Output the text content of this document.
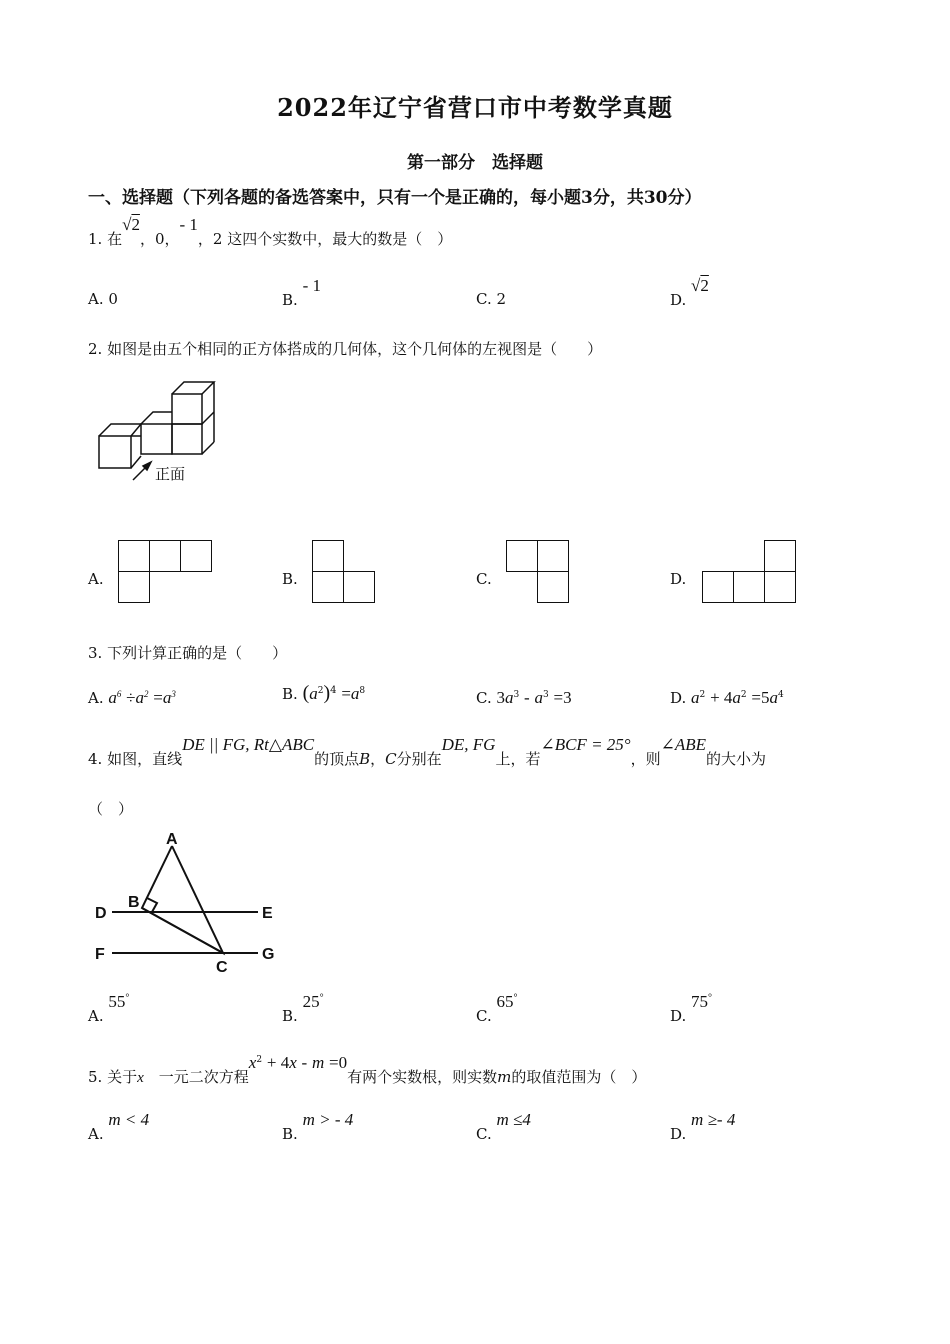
2022年辽宁省营口市中考数学真题
第一部分　选择题
一、选择题（下列各题的备选答案中，只有一个是正确的，每小题3分，共30分）
1. 在√2，0，- 1，2 这四个实数中，最大的数是（　）
A. 0	B. - 1
C. 2	D. √2
2. 如图是由五个相同的正方体搭成的几何体，这个几何体的左视图是（　　）
正面
A.	B.	C.	D.
3. 下列计算正确的是（　　）
A. $a^6 \div a^2 =a^3$	B. $(a^2)^4 =a^8$	C. $3a^3 - a^3 =3$	D. $a^2 + 4a^2 =5a^4$
4. 如图，直线DE || FG, Rt△ABC的顶点B，C分别在DE, FG上，若∠BCF = 25°，则∠ABE的大小为
（　）
A
B
D	E
F
C
G
A. 55°
B. 25°
C. 65°
D. 75°
5. 关于x　 一元二次方程$x^2 + 4x - m =0$有两个实数根，则实数m的取值范围为（　）
A. m < 4
B. m > - 4
C. m ≤4
D. m ≥- 4
